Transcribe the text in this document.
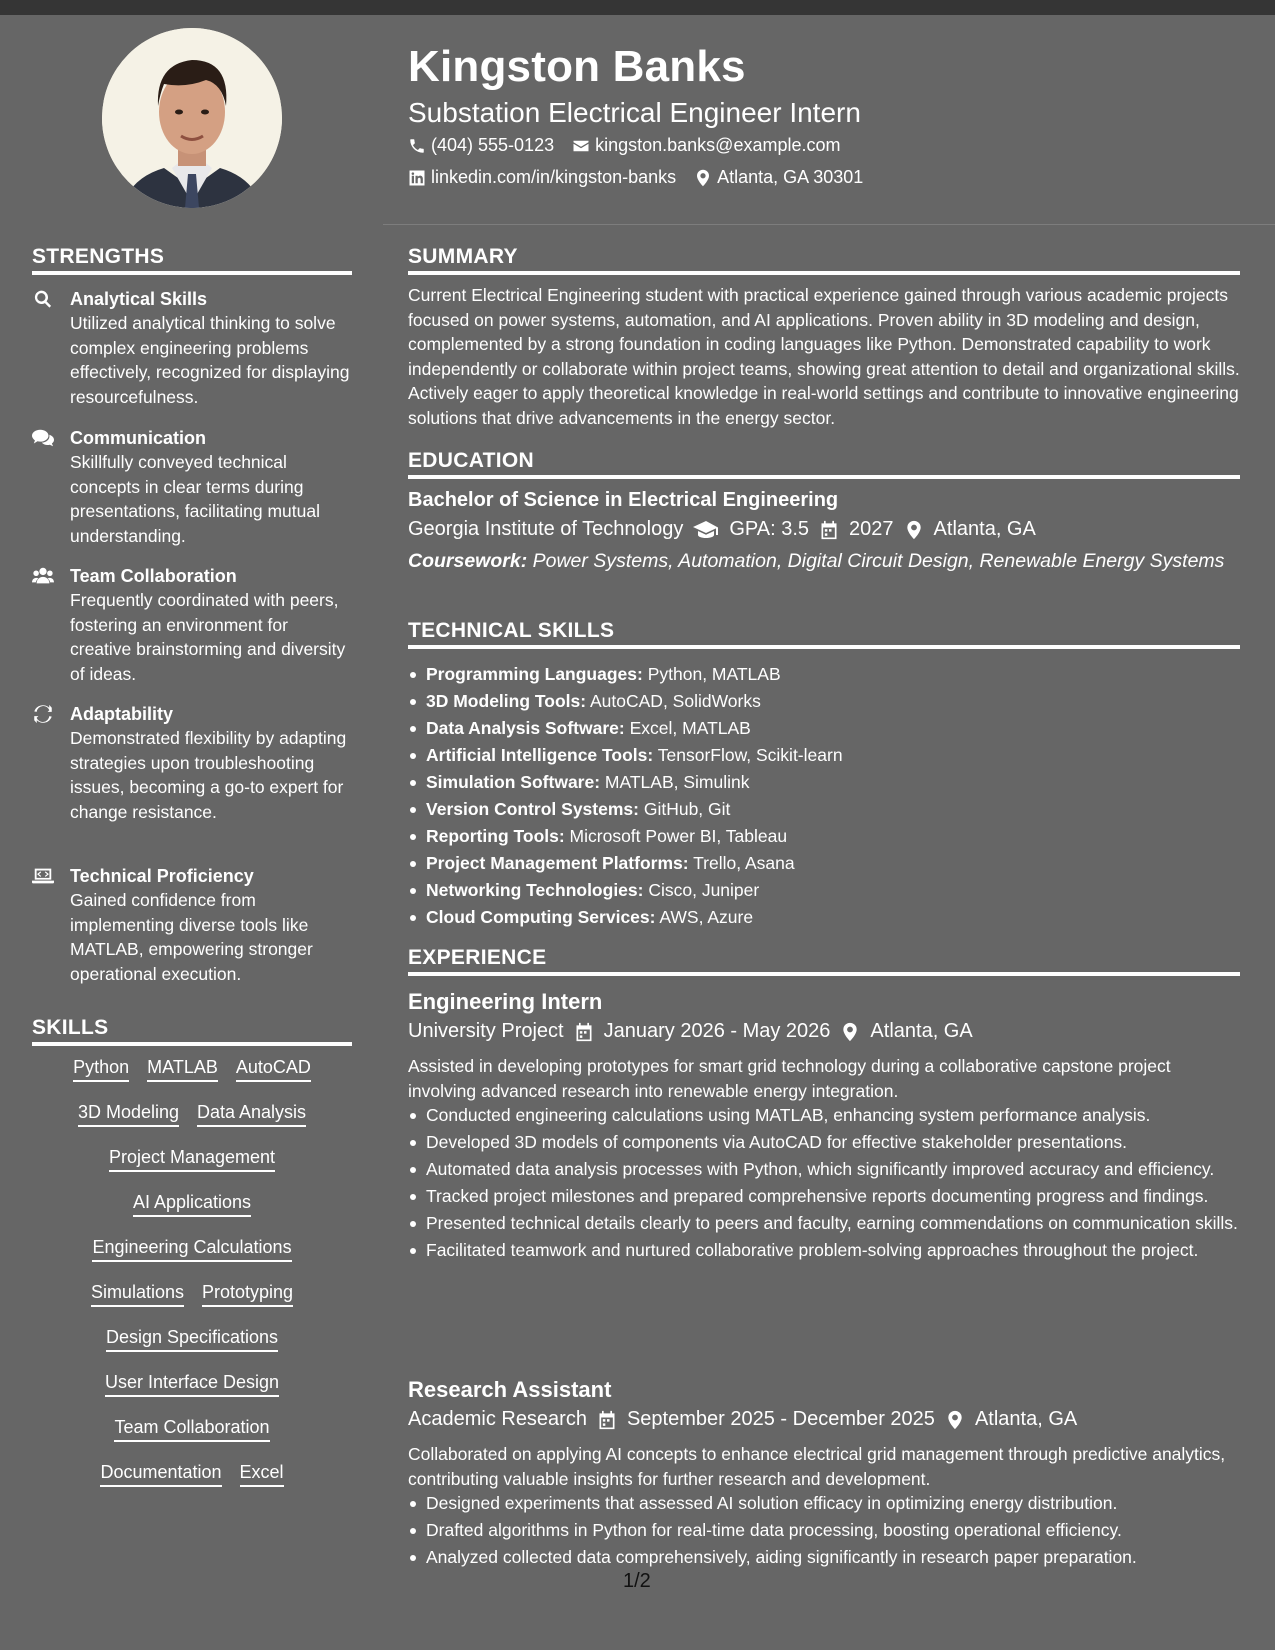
STRENGTHS
Analytical Skills

Utilized analytical thinking to solve complex engineering problems effectively, recognized for displaying resourcefulness.

Communication

Skillfully conveyed technical concepts in clear terms during presentations, facilitating mutual understanding.

Team Collaboration

Frequently coordinated with peers, fostering an environment for creative brainstorming and diversity of ideas.

Adaptability

Demonstrated flexibility by adapting strategies upon troubleshooting issues, becoming a go-to expert for change resistance.

Technical Proficiency

Gained confidence from implementing diverse tools like MATLAB, empowering stronger operational execution.

SKILLS
Python MATLAB AutoCAD
3D Modeling Data Analysis
Project Management
AI Applications
Engineering Calculations
Simulations Prototyping
Design Specifications
User Interface Design
Team Collaboration
Documentation Excel
Kingston Banks
Substation Electrical Engineer Intern
(404) 555-0123 kingston.banks@example.com
linkedin.com/in/kingston-banks Atlanta, GA 30301
SUMMARY
Current Electrical Engineering student with practical experience gained through various academic projects focused on power systems, automation, and AI applications. Proven ability in 3D modeling and design, complemented by a strong foundation in coding languages like Python. Demonstrated capability to work independently or collaborate within project teams, showing great attention to detail and organizational skills. Actively eager to apply theoretical knowledge in real-world settings and contribute to innovative engineering solutions that drive advancements in the energy sector.
EDUCATION
Bachelor of Science in Electrical Engineering
Georgia Institute of Technology GPA: 3.5 2027 Atlanta, GA
Coursework: Power Systems, Automation, Digital Circuit Design, Renewable Energy Systems
TECHNICAL SKILLS
Programming Languages: Python, MATLAB
3D Modeling Tools: AutoCAD, SolidWorks
Data Analysis Software: Excel, MATLAB
Artificial Intelligence Tools: TensorFlow, Scikit-learn
Simulation Software: MATLAB, Simulink
Version Control Systems: GitHub, Git
Reporting Tools: Microsoft Power BI, Tableau
Project Management Platforms: Trello, Asana
Networking Technologies: Cisco, Juniper
Cloud Computing Services: AWS, Azure
EXPERIENCE
Engineering Intern
University Project January 2026 - May 2026 Atlanta, GA
Assisted in developing prototypes for smart grid technology during a collaborative capstone project involving advanced research into renewable energy integration.
Conducted engineering calculations using MATLAB, enhancing system performance analysis.
Developed 3D models of components via AutoCAD for effective stakeholder presentations.
Automated data analysis processes with Python, which significantly improved accuracy and efficiency.
Tracked project milestones and prepared comprehensive reports documenting progress and findings.
Presented technical details clearly to peers and faculty, earning commendations on communication skills.
Facilitated teamwork and nurtured collaborative problem-solving approaches throughout the project.
Research Assistant
Academic Research September 2025 - December 2025 Atlanta, GA
Collaborated on applying AI concepts to enhance electrical grid management through predictive analytics, contributing valuable insights for further research and development.
Designed experiments that assessed AI solution efficacy in optimizing energy distribution.
Drafted algorithms in Python for real-time data processing, boosting operational efficiency.
Analyzed collected data comprehensively, aiding significantly in research paper preparation.
1/2
